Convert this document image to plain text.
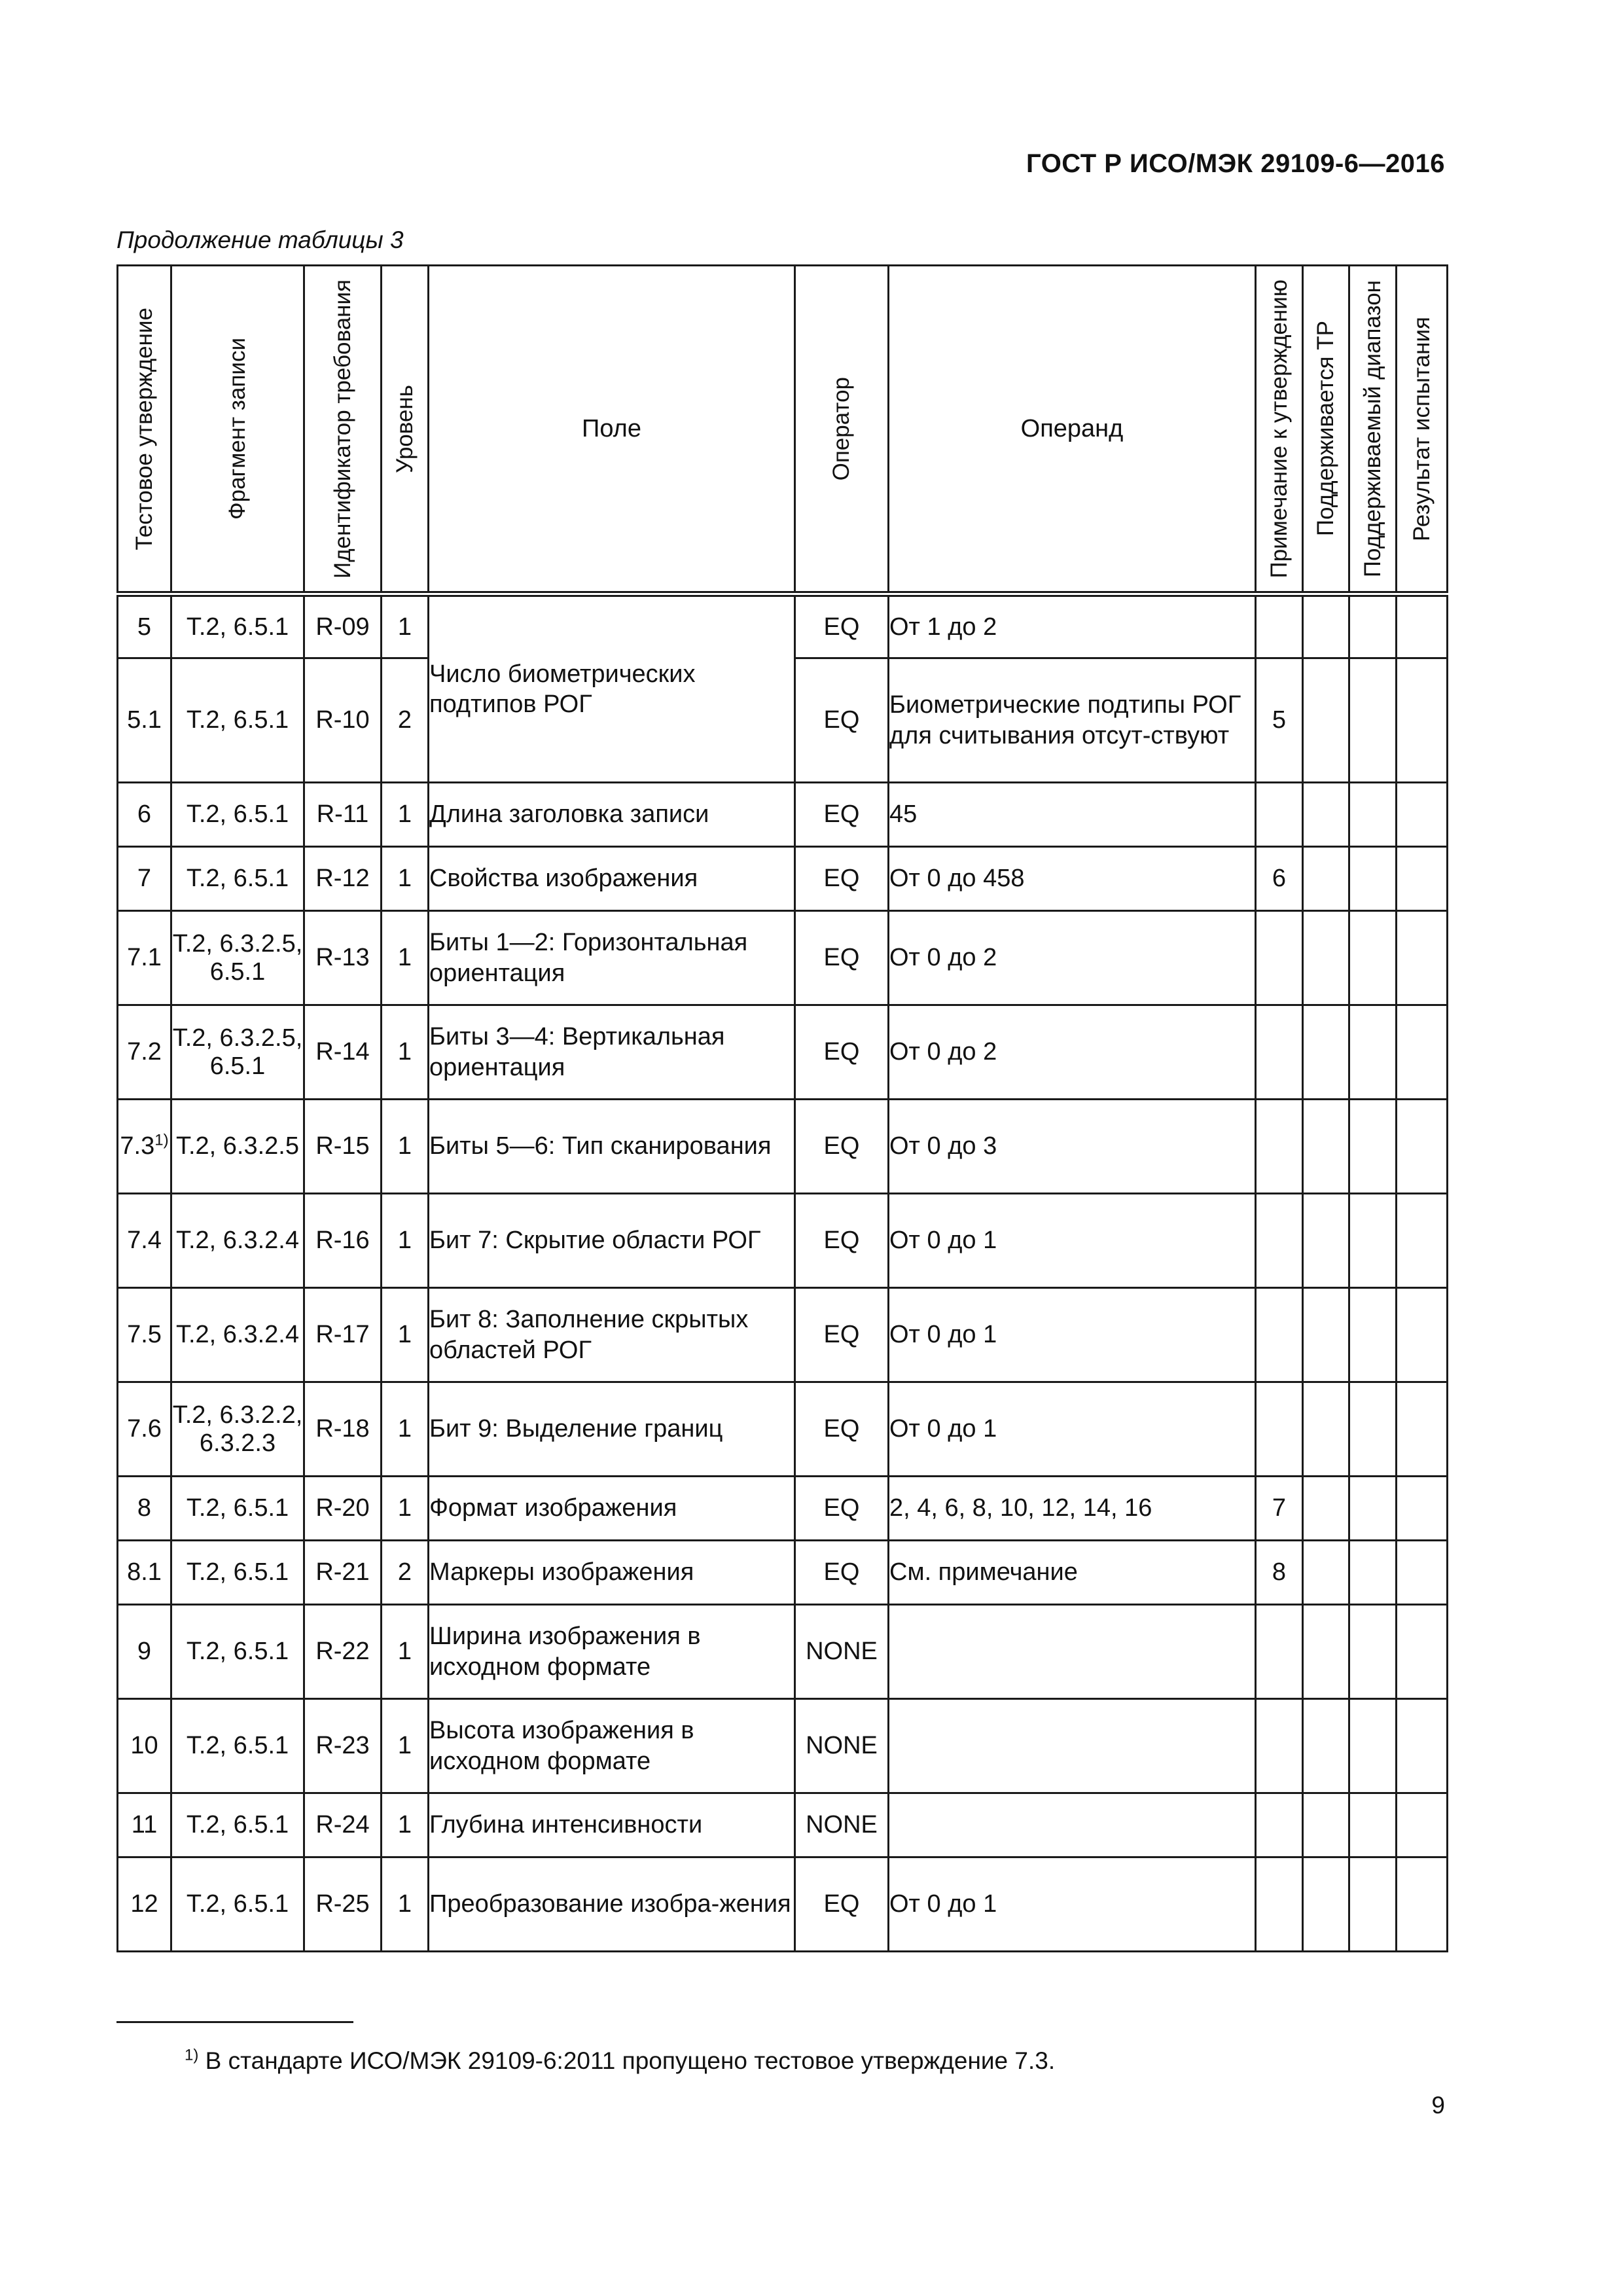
ГОСТ Р ИСО/МЭК 29109-6—2016
Продолжение таблицы 3
Тестовое утверждение	Фрагмент записи	Идентификатор требования	Уровень	Поле	Оператор	Операнд	Примечание к утверждению	Поддерживается ТР	Поддерживаемый диапазон	Результат испытания

5	Т.2, 6.5.1	R-09	1	Число биометрических подтипов РОГ	EQ	От 1 до 2				
5.1	Т.2, 6.5.1	R-10	2		EQ	Биометрические подтипы РОГ для считывания отсут-ствуют	5			
6	Т.2, 6.5.1	R-11	1	Длина заголовка записи	EQ	45				
7	Т.2, 6.5.1	R-12	1	Свойства изображения	EQ	От 0 до 458	6			
7.1	Т.2, 6.3.2.5, 6.5.1	R-13	1	Биты 1—2: Горизонтальная ориентация	EQ	От 0 до 2				
7.2	Т.2, 6.3.2.5, 6.5.1	R-14	1	Биты 3—4: Вертикальная ориентация	EQ	От 0 до 2				
7.3$^{1)}$	Т.2, 6.3.2.5	R-15	1	Биты 5—6: Тип сканирования	EQ	От 0 до 3				
7.4	Т.2, 6.3.2.4	R-16	1	Бит 7: Скрытие области РОГ	EQ	От 0 до 1				
7.5	Т.2, 6.3.2.4	R-17	1	Бит 8: Заполнение скрытых областей РОГ	EQ	От 0 до 1				
7.6	Т.2, 6.3.2.2, 6.3.2.3	R-18	1	Бит 9: Выделение границ	EQ	От 0 до 1				
8	Т.2, 6.5.1	R-20	1	Формат изображения	EQ	2, 4, 6, 8, 10, 12, 14, 16	7			
8.1	Т.2, 6.5.1	R-21	2	Маркеры изображения	EQ	См. примечание	8			
9	Т.2, 6.5.1	R-22	1	Ширина изображения в исходном формате	NONE					
10	Т.2, 6.5.1	R-23	1	Высота изображения в исходном формате	NONE					
11	Т.2, 6.5.1	R-24	1	Глубина интенсивности	NONE					
12	Т.2, 6.5.1	R-25	1	Преобразование изобра-жения	EQ	От 0 до 1				
$^{1)}$ В стандарте ИСО/МЭК 29109-6:2011 пропущено тестовое утверждение 7.3.
9
